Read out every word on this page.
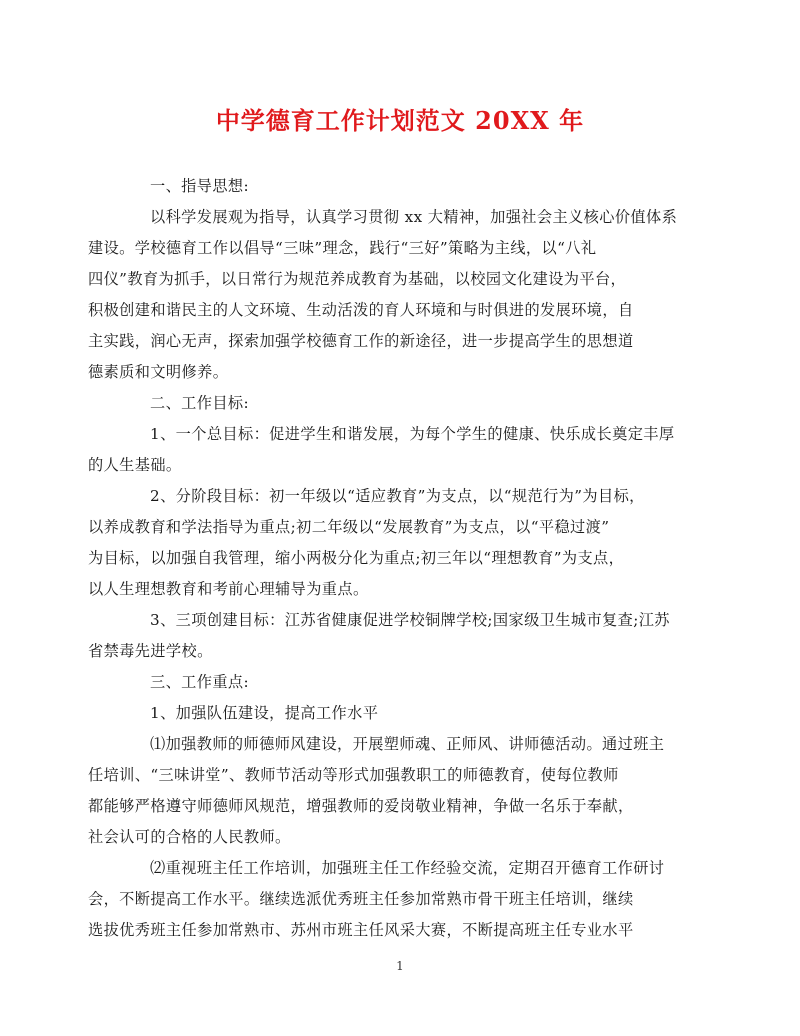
中学德育工作计划范文 20XX 年
一、指导思想:
以科学发展观为指导，认真学习贯彻 xx 大精神，加强社会主义核心价值体系
建设。学校德育工作以倡导“三味”理念，践行“三好”策略为主线，以“八礼
四仪”教育为抓手，以日常行为规范养成教育为基础，以校园文化建设为平台，
积极创建和谐民主的人文环境、生动活泼的育人环境和与时俱进的发展环境，自
主实践，润心无声，探索加强学校德育工作的新途径，进一步提高学生的思想道
德素质和文明修养。
二、工作目标:
1、一个总目标：促进学生和谐发展，为每个学生的健康、快乐成长奠定丰厚
的人生基础。
2、分阶段目标：初一年级以“适应教育”为支点，以“规范行为”为目标，
以养成教育和学法指导为重点;初二年级以“发展教育”为支点，以“平稳过渡”
为目标，以加强自我管理，缩小两极分化为重点;初三年以“理想教育”为支点，
以人生理想教育和考前心理辅导为重点。
3、三项创建目标：江苏省健康促进学校铜牌学校;国家级卫生城市复查;江苏
省禁毒先进学校。
三、工作重点:
1、加强队伍建设，提高工作水平
⑴加强教师的师德师风建设，开展塑师魂、正师风、讲师德活动。通过班主
任培训、“三味讲堂”、教师节活动等形式加强教职工的师德教育，使每位教师
都能够严格遵守师德师风规范，增强教师的爱岗敬业精神，争做一名乐于奉献，
社会认可的合格的人民教师。
⑵重视班主任工作培训，加强班主任工作经验交流，定期召开德育工作研讨
会，不断提高工作水平。继续选派优秀班主任参加常熟市骨干班主任培训，继续
选拔优秀班主任参加常熟市、苏州市班主任风采大赛，不断提高班主任专业水平
1
